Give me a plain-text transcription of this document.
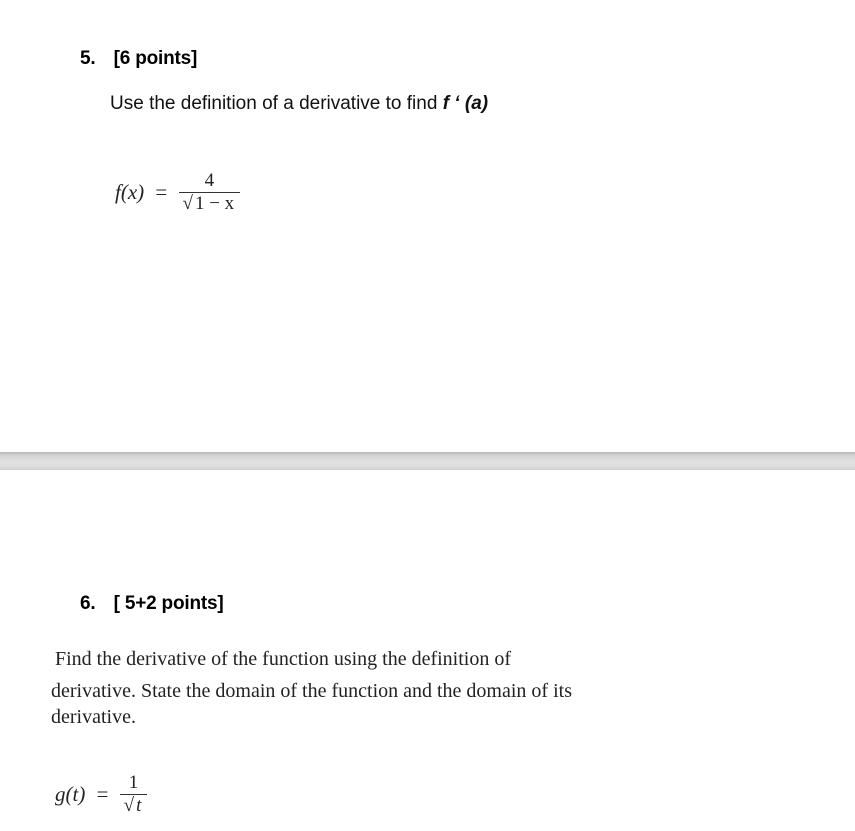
5. [6 points]
Use the definition of a derivative to find f ‘ (a)
$f(x) = \frac{4}{√ 1 - x}$
6. [ 5+2 points]
Find the derivative of the function using the definition of
derivative. State the domain of the function and the domain of its
derivative.
$g(t) = \frac{1}{√ t}$
